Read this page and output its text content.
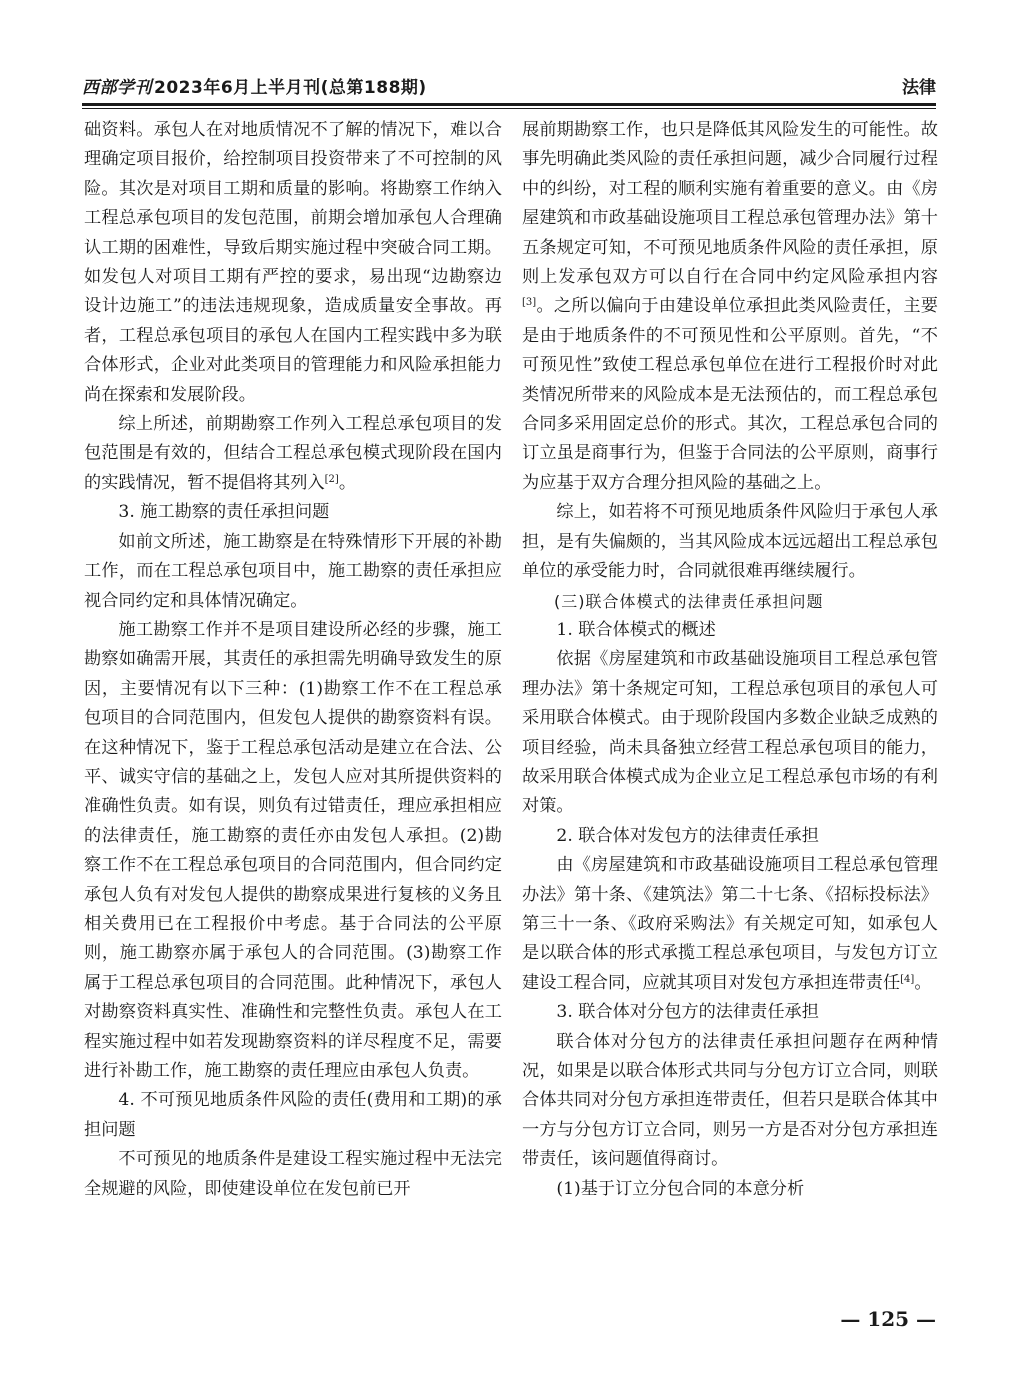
西部学刊 2023年6月上半月刊(总第188期)	法律

础资料。承包人在对地质情况不了解的情况下，难以合理确定项目报价，给控制项目投资带来了不可控制的风险。其次是对项目工期和质量的影响。将勘察工作纳入工程总承包项目的发包范围，前期会增加承包人合理确认工期的困难性，导致后期实施过程中突破合同工期。如发包人对项目工期有严控的要求，易出现“边勘察边设计边施工”的违法违规现象，造成质量安全事故。再者，工程总承包项目的承包人在国内工程实践中多为联合体形式，企业对此类项目的管理能力和风险承担能力尚在探索和发展阶段。

综上所述，前期勘察工作列入工程总承包项目的发包范围是有效的，但结合工程总承包模式现阶段在国内的实践情况，暂不提倡将其列入[2]。

3. 施工勘察的责任承担问题

如前文所述，施工勘察是在特殊情形下开展的补勘工作，而在工程总承包项目中，施工勘察的责任承担应视合同约定和具体情况确定。

施工勘察工作并不是项目建设所必经的步骤，施工勘察如确需开展，其责任的承担需先明确导致发生的原因，主要情况有以下三种：(1)勘察工作不在工程总承包项目的合同范围内，但发包人提供的勘察资料有误。在这种情况下，鉴于工程总承包活动是建立在合法、公平、诚实守信的基础之上，发包人应对其所提供资料的准确性负责。如有误，则负有过错责任，理应承担相应的法律责任，施工勘察的责任亦由发包人承担。(2)勘察工作不在工程总承包项目的合同范围内，但合同约定承包人负有对发包人提供的勘察成果进行复核的义务且相关费用已在工程报价中考虑。基于合同法的公平原则，施工勘察亦属于承包人的合同范围。(3)勘察工作属于工程总承包项目的合同范围。此种情况下，承包人对勘察资料真实性、准确性和完整性负责。承包人在工程实施过程中如若发现勘察资料的详尽程度不足，需要进行补勘工作，施工勘察的责任理应由承包人负责。

4. 不可预见地质条件风险的责任(费用和工期)的承担问题

不可预见的地质条件是建设工程实施过程中无法完全规避的风险，即使建设单位在发包前已开

展前期勘察工作，也只是降低其风险发生的可能性。故事先明确此类风险的责任承担问题，减少合同履行过程中的纠纷，对工程的顺利实施有着重要的意义。由《房屋建筑和市政基础设施项目工程总承包管理办法》第十五条规定可知，不可预见地质条件风险的责任承担，原则上发承包双方可以自行在合同中约定风险承担内容[3]。之所以偏向于由建设单位承担此类风险责任，主要是由于地质条件的不可预见性和公平原则。首先，“不可预见性”致使工程总承包单位在进行工程报价时对此类情况所带来的风险成本是无法预估的，而工程总承包合同多采用固定总价的形式。其次，工程总承包合同的订立虽是商事行为，但鉴于合同法的公平原则，商事行为应基于双方合理分担风险的基础之上。

综上，如若将不可预见地质条件风险归于承包人承担，是有失偏颇的，当其风险成本远远超出工程总承包单位的承受能力时，合同就很难再继续履行。

(三)联合体模式的法律责任承担问题

1. 联合体模式的概述

依据《房屋建筑和市政基础设施项目工程总承包管理办法》第十条规定可知，工程总承包项目的承包人可采用联合体模式。由于现阶段国内多数企业缺乏成熟的项目经验，尚未具备独立经营工程总承包项目的能力，故采用联合体模式成为企业立足工程总承包市场的有利对策。

2. 联合体对发包方的法律责任承担

由《房屋建筑和市政基础设施项目工程总承包管理办法》第十条、《建筑法》第二十七条、《招标投标法》第三十一条、《政府采购法》有关规定可知，如承包人是以联合体的形式承揽工程总承包项目，与发包方订立建设工程合同，应就其项目对发包方承担连带责任[4]。

3. 联合体对分包方的法律责任承担

联合体对分包方的法律责任承担问题存在两种情况，如果是以联合体形式共同与分包方订立合同，则联合体共同对分包方承担连带责任，但若只是联合体其中一方与分包方订立合同，则另一方是否对分包方承担连带责任，该问题值得商讨。

(1)基于订立分包合同的本意分析

— 125 —
